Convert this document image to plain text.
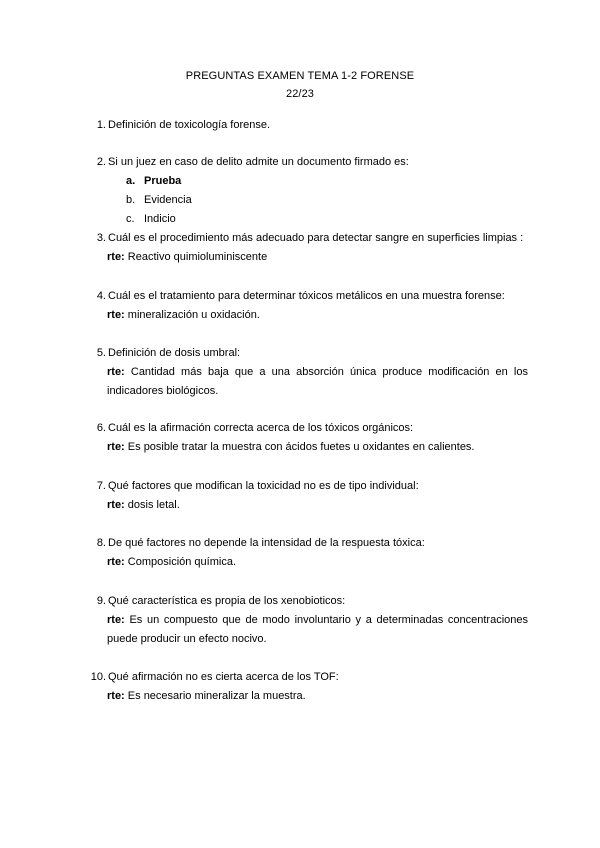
PREGUNTAS EXAMEN TEMA 1-2 FORENSE
22/23
1. Definición de toxicología forense.
2. Si un juez en caso de delito admite un documento firmado es:
a. Prueba
b. Evidencia
c. Indicio
3. Cuál es el procedimiento más adecuado para detectar sangre en superficies limpias :
rte: Reactivo quimioluminiscente
4. Cuál es el tratamiento para determinar tóxicos metálicos en una muestra forense:
rte: mineralización u oxidación.
5. Definición de dosis umbral:
rte: Cantidad más baja que a una absorción única produce modificación en los
indicadores biológicos.
6. Cuál es la afirmación correcta acerca de los tóxicos orgánicos:
rte: Es posible tratar la muestra con ácidos fuetes u oxidantes en calientes.
7. Qué factores que modifican la toxicidad no es de tipo individual:
rte: dosis letal.
8. De qué factores no depende la intensidad de la respuesta tóxica:
rte: Composición química.
9. Qué característica es propia de los xenobioticos:
rte: Es un compuesto que de modo involuntario y a determinadas concentraciones
puede producir un efecto nocivo.
10. Qué afirmación no es cierta acerca de los TOF:
rte: Es necesario mineralizar la muestra.
